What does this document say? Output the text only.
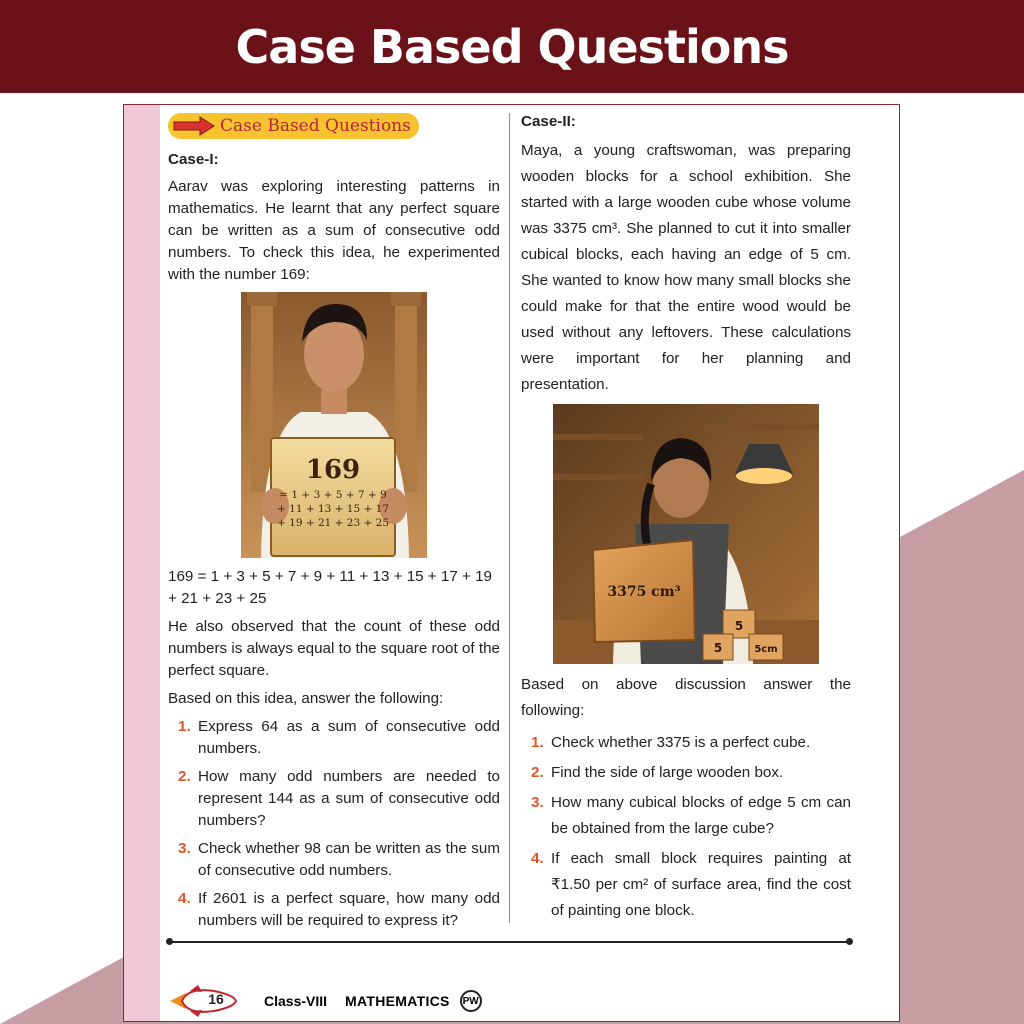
Case Based Questions
Case Based Questions
Case-I:

Aarav was exploring interesting patterns in mathematics. He learnt that any perfect square can be written as a sum of consecutive odd numbers. To check this idea, he experimented with the number 169:

169
= 1 + 3 + 5 + 7 + 9
+ 11 + 13 + 15 + 17
+ 19 + 21 + 23 + 25

169 = 1 + 3 + 5 + 7 + 9 + 11 + 13 + 15 + 17 + 19 + 21 + 23 + 25

He also observed that the count of these odd numbers is always equal to the square root of the perfect square.

Based on this idea, answer the following:

1. Express 64 as a sum of consecutive odd numbers.
2. How many odd numbers are needed to represent 144 as a sum of consecutive odd numbers?
3. Check whether 98 can be written as the sum of consecutive odd numbers.
4. If 2601 is a perfect square, how many odd numbers will be required to express it?
Case-II:

Maya, a young craftswoman, was preparing wooden blocks for a school exhibition. She started with a large wooden cube whose volume was 3375 cm³. She planned to cut it into smaller cubical blocks, each having an edge of 5 cm. She wanted to know how many small blocks she could make for that the entire wood would be used without any leftovers. These calculations were important for her planning and presentation.

3375 cm³
5
5	5cm

Based on above discussion answer the following:

1. Check whether 3375 is a perfect cube.
2. Find the side of large wooden box.
3. How many cubical blocks of edge 5 cm can be obtained from the large cube?
4. If each small block requires painting at ₹1.50 per cm² of surface area, find the cost of painting one block.
16	Class-VIII MATHEMATICS PW
